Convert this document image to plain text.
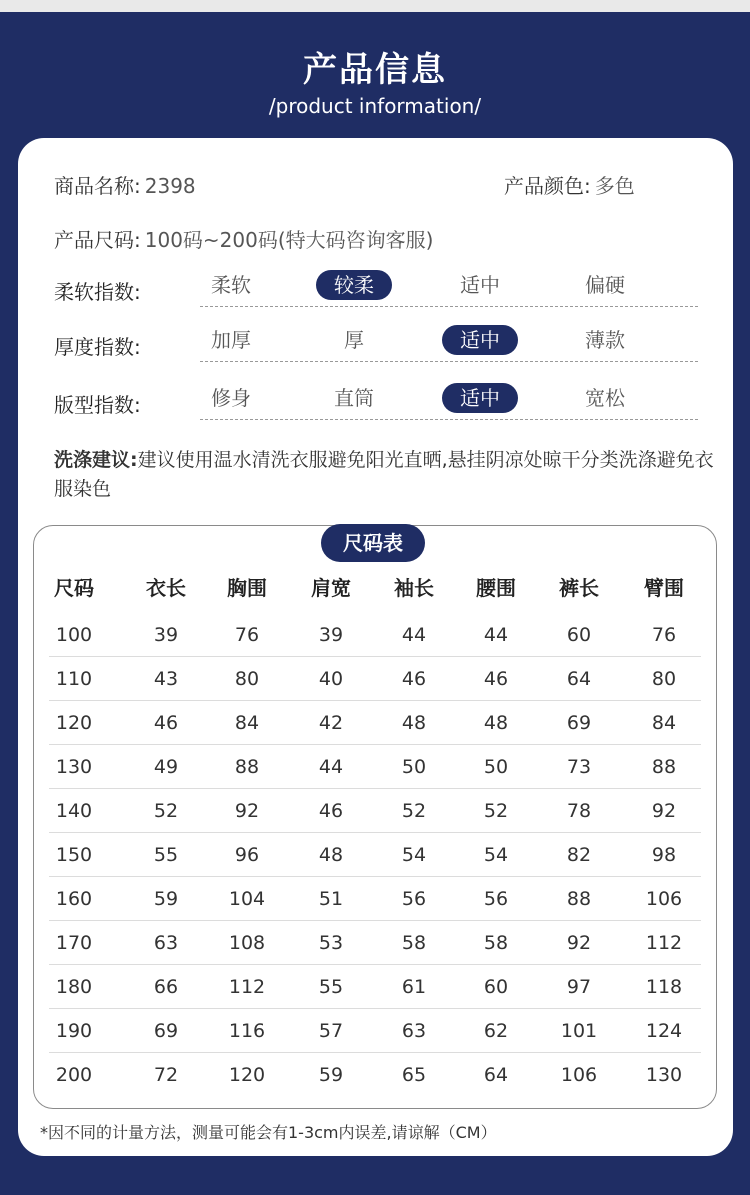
产品信息
/product information/
商品名称: 2398	产品颜色: 多色
产品尺码: 100码~200码(特大码咨询客服)
柔软指数:	柔软	较柔	适中	偏硬
厚度指数:	加厚	厚	适中	薄款
版型指数:	修身	直筒	适中	宽松
洗涤建议:建议使用温水清洗衣服避免阳光直晒,悬挂阴凉处晾干分类洗涤避免衣服染色
尺码表
尺码	衣长	胸围	肩宽	袖长	腰围	裤长	臂围
100	39	76	39	44	44	60	76
110	43	80	40	46	46	64	80
120	46	84	42	48	48	69	84
130	49	88	44	50	50	73	88
140	52	92	46	52	52	78	92
150	55	96	48	54	54	82	98
160	59	104	51	56	56	88	106
170	63	108	53	58	58	92	112
180	66	112	55	61	60	97	118
190	69	116	57	63	62	101	124
200	72	120	59	65	64	106	130
*因不同的计量方法，测量可能会有1-3cm内误差,请谅解（CM）
